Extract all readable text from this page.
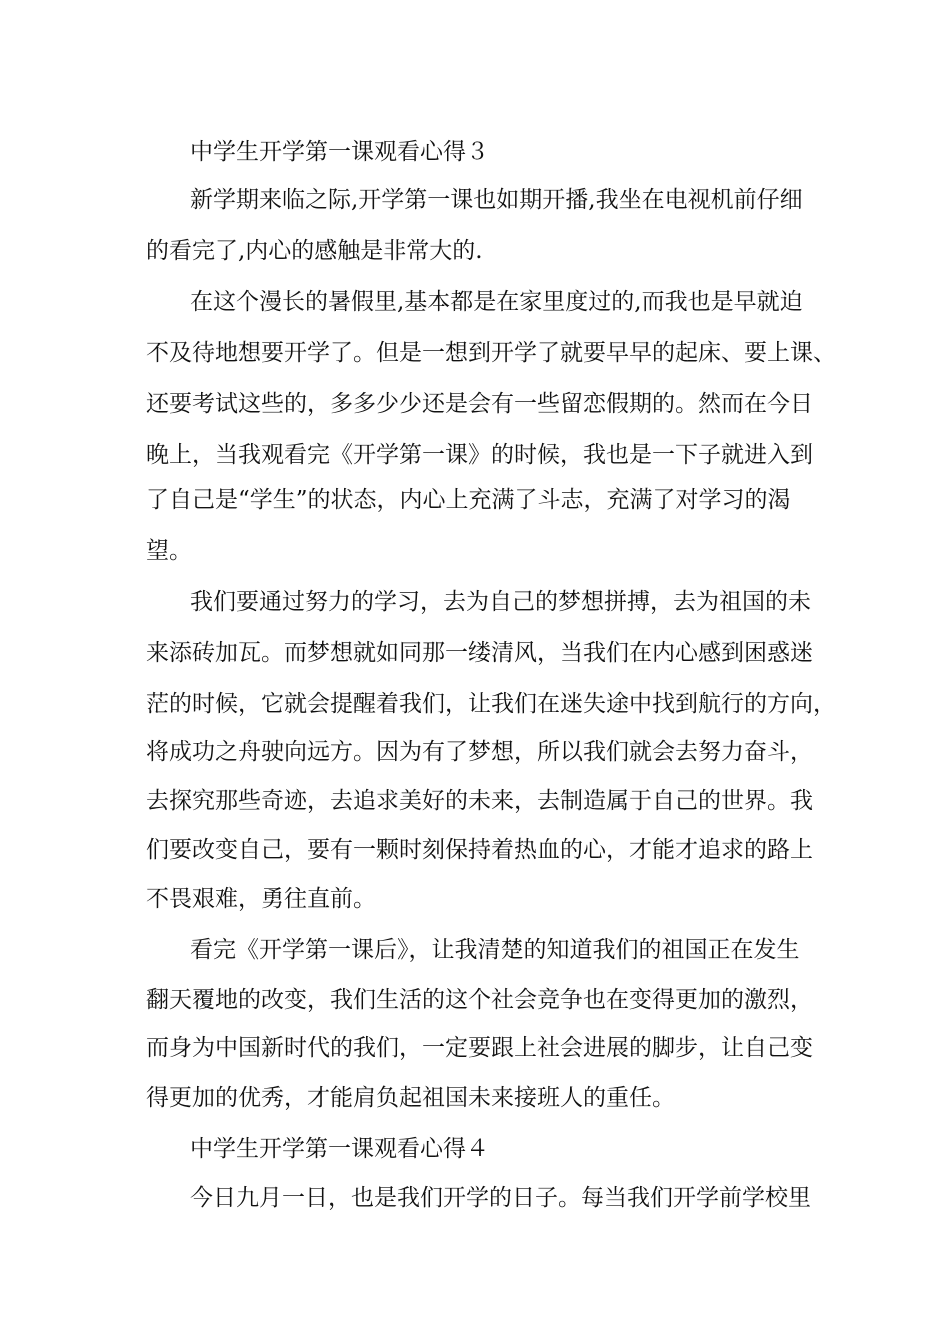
中学生开学第一课观看心得３
新学期来临之际,开学第一课也如期开播,我坐在电视机前仔细
的看完了,内心的感触是非常大的.
在这个漫长的暑假里,基本都是在家里度过的,而我也是早就迫
不及待地想要开学了。但是一想到开学了就要早早的起床、要上课、
还要考试这些的，多多少少还是会有一些留恋假期的。然而在今日
晚上，当我观看完《开学第一课》的时候，我也是一下子就进入到
了自己是“学生”的状态，内心上充满了斗志，充满了对学习的渴
望。
我们要通过努力的学习，去为自己的梦想拼搏，去为祖国的未
来添砖加瓦。而梦想就如同那一缕清风，当我们在内心感到困惑迷
茫的时候，它就会提醒着我们，让我们在迷失途中找到航行的方向，
将成功之舟驶向远方。因为有了梦想，所以我们就会去努力奋斗，
去探究那些奇迹，去追求美好的未来，去制造属于自己的世界。我
们要改变自己，要有一颗时刻保持着热血的心，才能才追求的路上
不畏艰难，勇往直前。
看完《开学第一课后》，让我清楚的知道我们的祖国正在发生
翻天覆地的改变，我们生活的这个社会竞争也在变得更加的激烈，
而身为中国新时代的我们，一定要跟上社会进展的脚步，让自己变
得更加的优秀，才能肩负起祖国未来接班人的重任。
中学生开学第一课观看心得４
今日九月一日，也是我们开学的日子。每当我们开学前学校里
